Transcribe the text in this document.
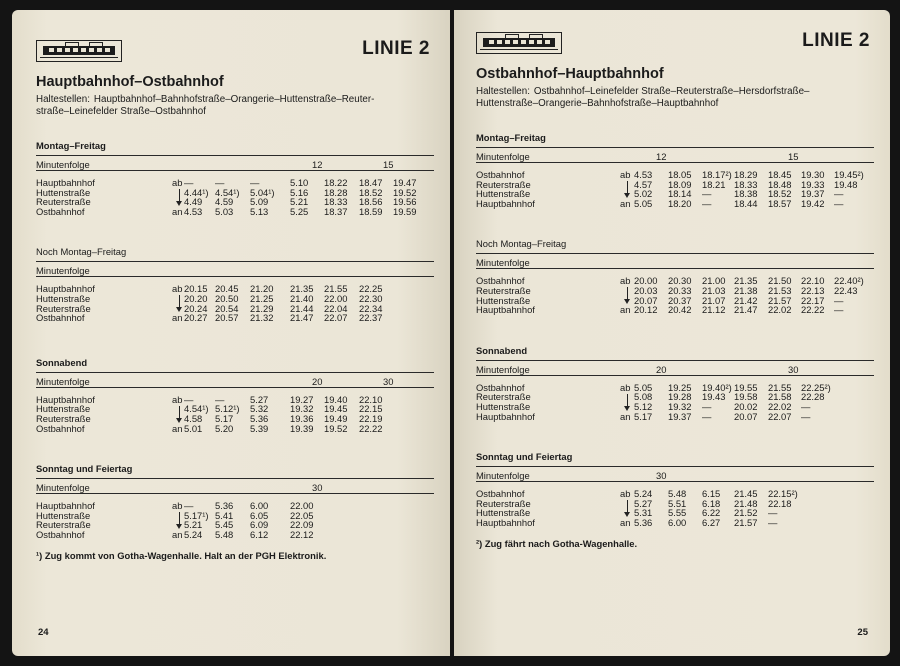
LINIE 2
Hauptbahnhof–Ostbahnhof
Haltestellen: Hauptbahnhof–Bahnhofstraße–Orangerie–Huttenstraße–Reuter-
straße–Leinefelder Straße–Ostbahnhof
Montag–Freitag
Minutenfolge	12	15
Hauptbahnhof	ab — —	—	5.10 18.22 18.47 19.47
Huttenstraße	4.44¹) 4.54¹) 5.04¹) 5.16 18.28 18.52 19.52
Reuterstraße	4.49 4.59 5.09 5.21 18.33 18.56 19.56
Ostbahnhof	an 4.53 5.03 5.13 5.25 18.37 18.59 19.59
Noch Montag–Freitag
Minutenfolge
Hauptbahnhof	ab 20.15 20.45 21.20 21.35 21.55 22.25
Huttenstraße	20.20 20.50 21.25 21.40 22.00 22.30
Reuterstraße	20.24 20.54 21.29 21.44 22.04 22.34
Ostbahnhof	an 20.27 20.57 21.32 21.47 22.07 22.37
Sonnabend
Minutenfolge	20	30
Hauptbahnhof	ab — —	5.27 19.27 19.40 22.10
Huttenstraße	4.54¹) 5.12¹) 5.32 19.32 19.45 22.15
Reuterstraße	4.58 5.17 5.36 19.36 19.49 22.19
Ostbahnhof	an 5.01 5.20 5.39 19.39 19.52 22.22
Sonntag und Feiertag
Minutenfolge	30
Hauptbahnhof	ab — 5.36 6.00 22.00
Huttenstraße	5.17¹) 5.41 6.05 22.05
Reuterstraße	5.21 5.45 6.09 22.09
Ostbahnhof	an 5.24 5.48 6.12 22.12
¹) Zug kommt von Gotha-Wagenhalle. Halt an der PGH Elektronik.
24
LINIE 2
Ostbahnhof–Hauptbahnhof
Haltestellen: Ostbahnhof–Leinefelder Straße–Reuterstraße–Hersdorfstraße–
Huttenstraße–Orangerie–Bahnhofstraße–Hauptbahnhof
Montag–Freitag
Minutenfolge	12	15
Ostbahnhof	ab 4.53 18.05 18.17²) 18.29 18.45 19.30 19.45²)
Reuterstraße	4.57 18.09 18.21 18.33 18.48 19.33 19.48
Huttenstraße	5.02 18.14 — 18.38 18.52 19.37 —
Hauptbahnhof	an 5.05 18.20 — 18.44 18.57 19.42 —
Noch Montag–Freitag
Minutenfolge
Ostbahnhof	ab 20.00 20.30 21.00 21.35 21.50 22.10 22.40²)
Reuterstraße	20.03 20.33 21.03 21.38 21.53 22.13 22.43
Huttenstraße	20.07 20.37 21.07 21.42 21.57 22.17 —
Hauptbahnhof	an 20.12 20.42 21.12 21.47 22.02 22.22 —
Sonnabend
Minutenfolge	20	30
Ostbahnhof	ab 5.05 19.25 19.40²) 19.55 21.55 22.25²)
Reuterstraße	5.08 19.28 19.43 19.58 21.58 22.28
Huttenstraße	5.12 19.32 — 20.02 22.02 —
Hauptbahnhof	an 5.17 19.37 — 20.07 22.07 —
Sonntag und Feiertag
Minutenfolge	30
Ostbahnhof	ab 5.24 5.48 6.15 21.45 22.15²)
Reuterstraße	5.27 5.51 6.18 21.48 22.18
Huttenstraße	5.31 5.55 6.22 21.52 —
Hauptbahnhof	an 5.36 6.00 6.27 21.57 —
²) Zug fährt nach Gotha-Wagenhalle.
25
